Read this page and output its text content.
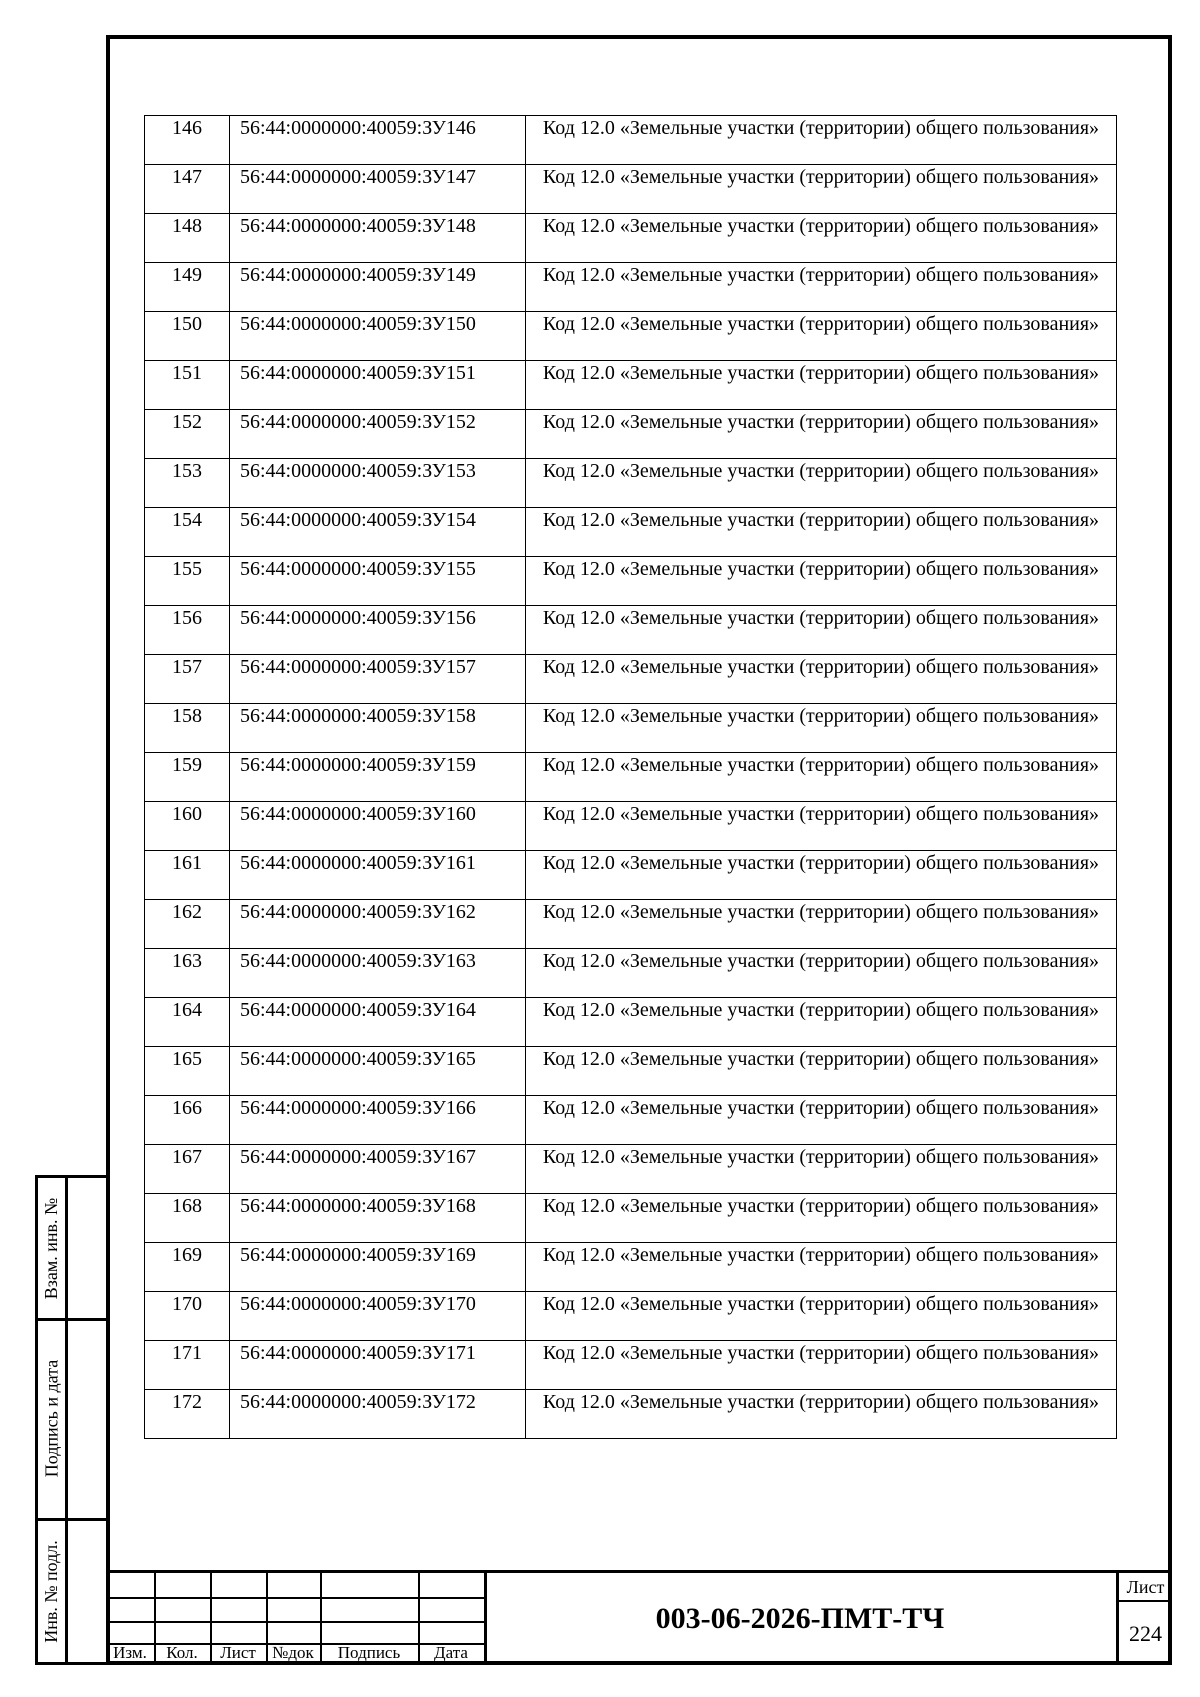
146	56:44:0000000:40059:ЗУ146	Код 12.0 «Земельные участки (территории) общего пользования»
147	56:44:0000000:40059:ЗУ147	Код 12.0 «Земельные участки (территории) общего пользования»
148	56:44:0000000:40059:ЗУ148	Код 12.0 «Земельные участки (территории) общего пользования»
149	56:44:0000000:40059:ЗУ149	Код 12.0 «Земельные участки (территории) общего пользования»
150	56:44:0000000:40059:ЗУ150	Код 12.0 «Земельные участки (территории) общего пользования»
151	56:44:0000000:40059:ЗУ151	Код 12.0 «Земельные участки (территории) общего пользования»
152	56:44:0000000:40059:ЗУ152	Код 12.0 «Земельные участки (территории) общего пользования»
153	56:44:0000000:40059:ЗУ153	Код 12.0 «Земельные участки (территории) общего пользования»
154	56:44:0000000:40059:ЗУ154	Код 12.0 «Земельные участки (территории) общего пользования»
155	56:44:0000000:40059:ЗУ155	Код 12.0 «Земельные участки (территории) общего пользования»
156	56:44:0000000:40059:ЗУ156	Код 12.0 «Земельные участки (территории) общего пользования»
157	56:44:0000000:40059:ЗУ157	Код 12.0 «Земельные участки (территории) общего пользования»
158	56:44:0000000:40059:ЗУ158	Код 12.0 «Земельные участки (территории) общего пользования»
159	56:44:0000000:40059:ЗУ159	Код 12.0 «Земельные участки (территории) общего пользования»
160	56:44:0000000:40059:ЗУ160	Код 12.0 «Земельные участки (территории) общего пользования»
161	56:44:0000000:40059:ЗУ161	Код 12.0 «Земельные участки (территории) общего пользования»
162	56:44:0000000:40059:ЗУ162	Код 12.0 «Земельные участки (территории) общего пользования»
163	56:44:0000000:40059:ЗУ163	Код 12.0 «Земельные участки (территории) общего пользования»
164	56:44:0000000:40059:ЗУ164	Код 12.0 «Земельные участки (территории) общего пользования»
165	56:44:0000000:40059:ЗУ165	Код 12.0 «Земельные участки (территории) общего пользования»
166	56:44:0000000:40059:ЗУ166	Код 12.0 «Земельные участки (территории) общего пользования»
167	56:44:0000000:40059:ЗУ167	Код 12.0 «Земельные участки (территории) общего пользования»
168	56:44:0000000:40059:ЗУ168	Код 12.0 «Земельные участки (территории) общего пользования»
169	56:44:0000000:40059:ЗУ169	Код 12.0 «Земельные участки (территории) общего пользования»
170	56:44:0000000:40059:ЗУ170	Код 12.0 «Земельные участки (территории) общего пользования»
171	56:44:0000000:40059:ЗУ171	Код 12.0 «Земельные участки (территории) общего пользования»
172	56:44:0000000:40059:ЗУ172	Код 12.0 «Земельные участки (территории) общего пользования»
Взам. инв. №
Подпись и дата
Инв. № подл.
Изм.	Кол.	Лист №док	Подпись	Дата
003-06-2026-ПМТ-ТЧ
Лист
224
